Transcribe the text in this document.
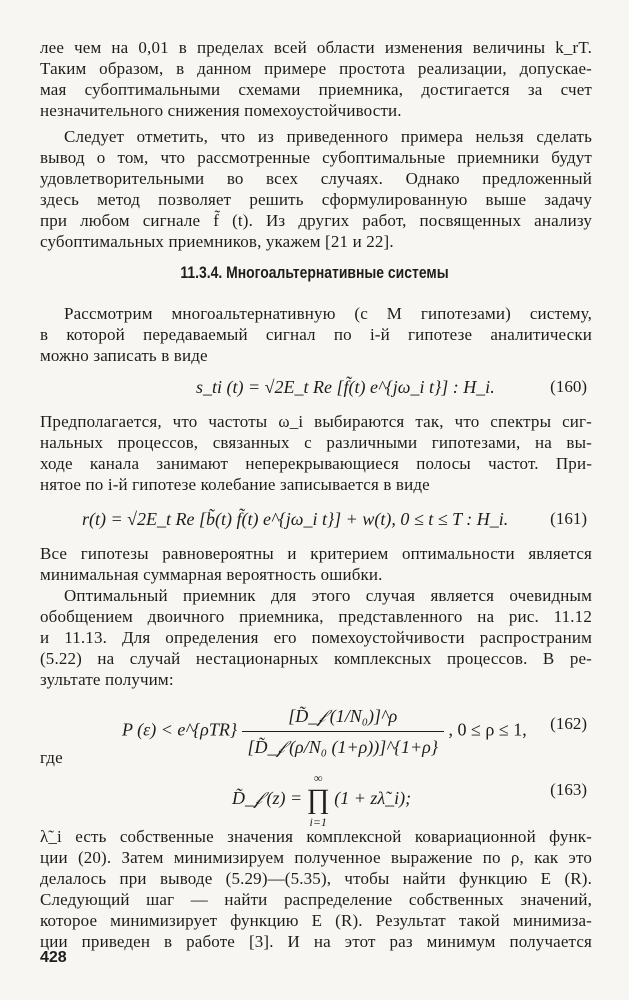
лее чем на 0,01 в пределах всей области изменения величины k_rT.
Таким образом, в данном примере простота реализации, допускае-
мая субоптимальными схемами приемника, достигается за счет
незначительного снижения помехоустойчивости.
Следует отметить, что из приведенного примера нельзя сделать
вывод о том, что рассмотренные субоптимальные приемники будут
удовлетворительными во всех случаях. Однако предложенный
здесь метод позволяет решить сформулированную выше задачу
при любом сигнале f̃ (t). Из других работ, посвященных анализу
субоптимальных приемников, укажем [21 и 22].
11.3.4. Многоальтернативные системы
Рассмотрим многоальтернативную (с M гипотезами) систему,
в которой передаваемый сигнал по i-й гипотезе аналитически
можно записать в виде
s_ti (t) = √2E_t Re [f̃(t) e^{jω_i t}] : H_i.	(160)
Предполагается, что частоты ω_i выбираются так, что спектры сиг-
нальных процессов, связанных с различными гипотезами, на вы-
ходе канала занимают неперекрывающиеся полосы частот. При-
нятое по i-й гипотезе колебание записывается в виде
r(t) = √2E_t Re [b̃(t) f̃(t) e^{jω_i t}] + w(t), 0 ≤ t ≤ T : H_i. (161)
Все гипотезы равновероятны и критерием оптимальности является
минимальная суммарная вероятность ошибки.
Оптимальный приемник для этого случая является очевидным
обобщением двоичного приемника, представленного на рис. 11.12
и 11.13. Для определения его помехоустойчивости распространим
(5.22) на случай нестационарных комплексных процессов. В ре-
зультате получим:
P (ε) < e^{ρTR} $\frac{\text{[D̃\_𝒻 (1/N₀)]\textasciicircum{}ρ}}{\text{[D̃\_𝒻 (ρ/N₀ (1+ρ))]\textasciicircum{}\{1+ρ\}}}$ , 0 ≤ ρ ≤ 1, (162)
где
D̃_𝒻 (z) =
∞
∏
i=1
(1 + zλ̃_i);	(163)
λ̃_i есть собственные значения комплексной ковариационной функ-
ции (20). Затем минимизируем полученное выражение по ρ, как это
делалось при выводе (5.29)—(5.35), чтобы найти функцию E (R).
Следующий шаг — найти распределение собственных значений,
которое минимизирует функцию E (R). Результат такой минимиза-
ции приведен в работе [3]. И на этот раз минимум получается
428
